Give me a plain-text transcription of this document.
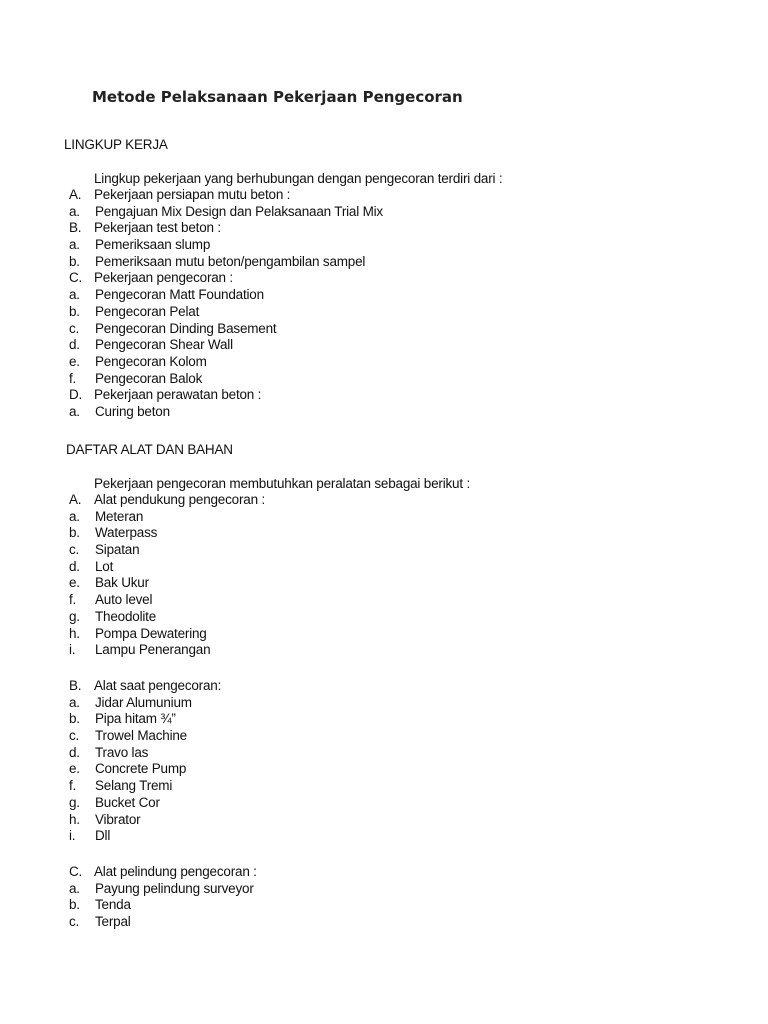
Metode Pelaksanaan Pekerjaan Pengecoran
LINGKUP KERJA
Lingkup pekerjaan yang berhubungan dengan pengecoran terdiri dari :
A. Pekerjaan persiapan mutu beton :
a.	Pengajuan Mix Design dan Pelaksanaan Trial Mix
B. Pekerjaan test beton :
a.	Pemeriksaan slump
b.	Pemeriksaan mutu beton/pengambilan sampel
C. Pekerjaan pengecoran :
a.	Pengecoran Matt Foundation
b.	Pengecoran Pelat
c.	Pengecoran Dinding Basement
d.	Pengecoran Shear Wall
e.	Pengecoran Kolom
f.	Pengecoran Balok
D. Pekerjaan perawatan beton :
a.	Curing beton
DAFTAR ALAT DAN BAHAN
Pekerjaan pengecoran membutuhkan peralatan sebagai berikut :
A. Alat pendukung pengecoran :
a.	Meteran
b.	Waterpass
c.	Sipatan
d.	Lot
e.	Bak Ukur
f.	Auto level
g.	Theodolite
h.	Pompa Dewatering
i.	Lampu Penerangan
B. Alat saat pengecoran:
a.	Jidar Alumunium
b.	Pipa hitam ¾”
c.	Trowel Machine
d.	Travo las
e.	Concrete Pump
f.	Selang Tremi
g.	Bucket Cor
h.	Vibrator
i.	Dll
C. Alat pelindung pengecoran :
a.	Payung pelindung surveyor
b.	Tenda
c.	Terpal
